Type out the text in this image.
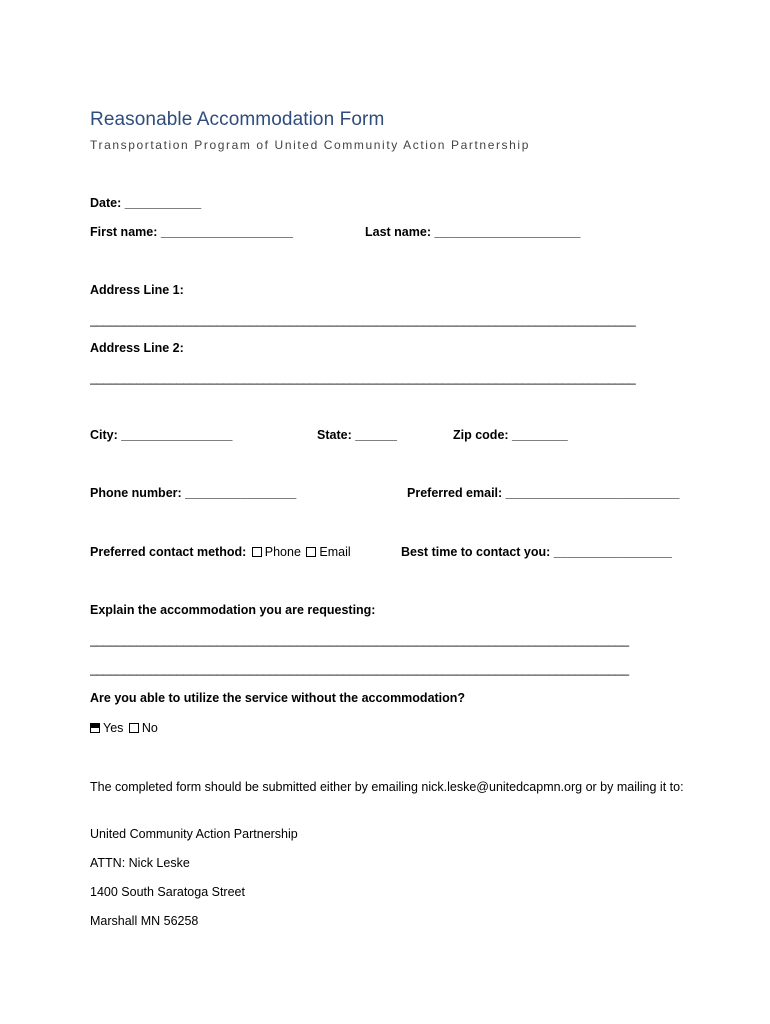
Reasonable Accommodation Form
Transportation Program of United Community Action Partnership
Date: ___________
First name: ___________________	Last name: _____________________
Address Line 1:
__________________________________________________________________________________
Address Line 2:
__________________________________________________________________________________
City: ________________	State: ______	Zip code: ________
Phone number: ________________	Preferred email: _________________________
Preferred contact method: Phone Email	Best time to contact you: _________________
Explain the accommodation you are requesting:
_________________________________________________________________________________
_________________________________________________________________________________
Are you able to utilize the service without the accommodation?
Yes No
The completed form should be submitted either by emailing nick.leske@unitedcapmn.org or by mailing it to:
United Community Action Partnership
ATTN: Nick Leske
1400 South Saratoga Street
Marshall MN 56258
